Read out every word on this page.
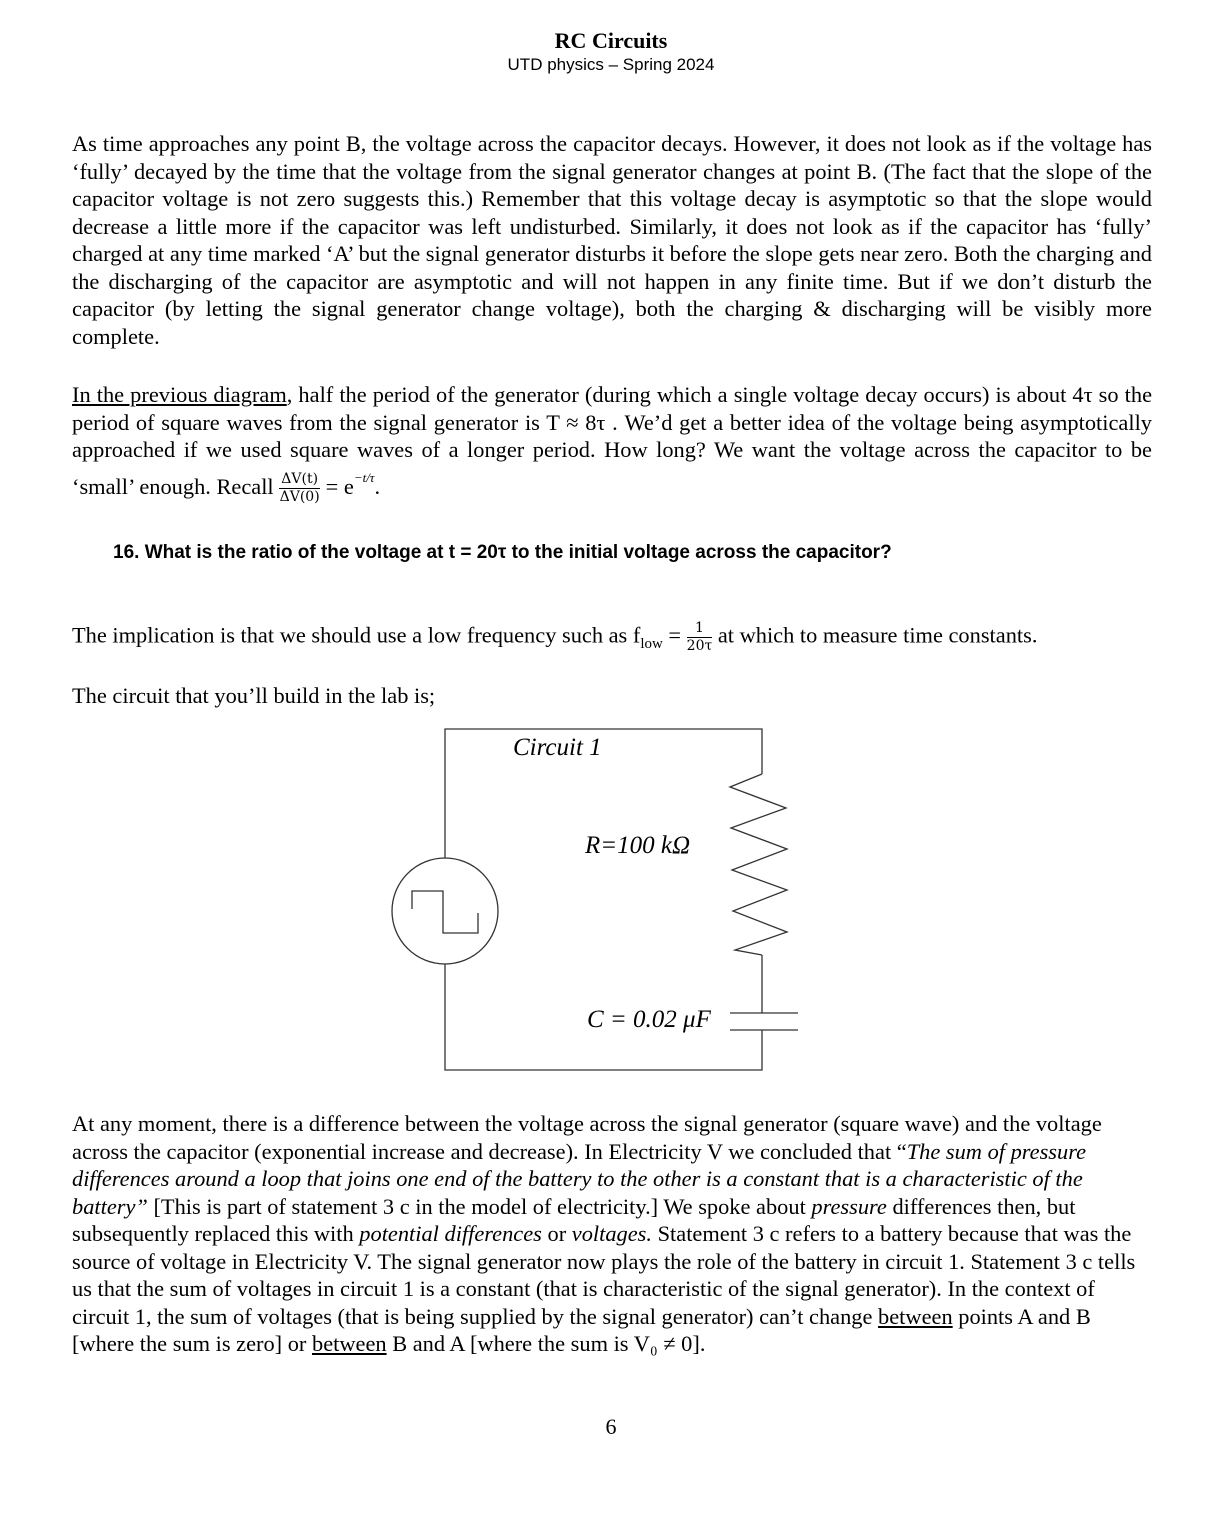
RC Circuits
UTD physics – Spring 2024
As time approaches any point B, the voltage across the capacitor decays. However, it does not look as if the voltage has ‘fully’ decayed by the time that the voltage from the signal generator changes at point B. (The fact that the slope of the capacitor voltage is not zero suggests this.) Remember that this voltage decay is asymptotic so that the slope would decrease a little more if the capacitor was left undisturbed. Similarly, it does not look as if the capacitor has ‘fully’ charged at any time marked ‘A’ but the signal generator disturbs it before the slope gets near zero. Both the charging and the discharging of the capacitor are asymptotic and will not happen in any finite time. But if we don’t disturb the capacitor (by letting the signal generator change voltage), both the charging & discharging will be visibly more complete.
In the previous diagram, half the period of the generator (during which a single voltage decay occurs) is about 4τ so the period of square waves from the signal generator is T ≈ 8τ . We’d get a better idea of the voltage being asymptotically approached if we used square waves of a longer period. How long? We want the voltage across the capacitor to be ‘small’ enough. Recall $\frac{\Delta V(t)}{\Delta V(0)} = e^{-t/\tau}$.
16. What is the ratio of the voltage at t = 20τ to the initial voltage across the capacitor?
The implication is that we should use a low frequency such as $f_{low} = \frac{1}{20\tau}$ at which to measure time constants.
The circuit that you’ll build in the lab is;
Circuit 1
R=100 kΩ
C = 0.02 μF
At any moment, there is a difference between the voltage across the signal generator (square wave) and the voltage across the capacitor (exponential increase and decrease). In Electricity V we concluded that “The sum of pressure differences around a loop that joins one end of the battery to the other is a constant that is a characteristic of the battery” [This is part of statement 3 c in the model of electricity.] We spoke about pressure differences then, but subsequently replaced this with potential differences or voltages. Statement 3 c refers to a battery because that was the source of voltage in Electricity V. The signal generator now plays the role of the battery in circuit 1. Statement 3 c tells us that the sum of voltages in circuit 1 is a constant (that is characteristic of the signal generator). In the context of circuit 1, the sum of voltages (that is being supplied by the signal generator) can’t change between points A and B [where the sum is zero] or between B and A [where the sum is V₀ ≠ 0].
6
